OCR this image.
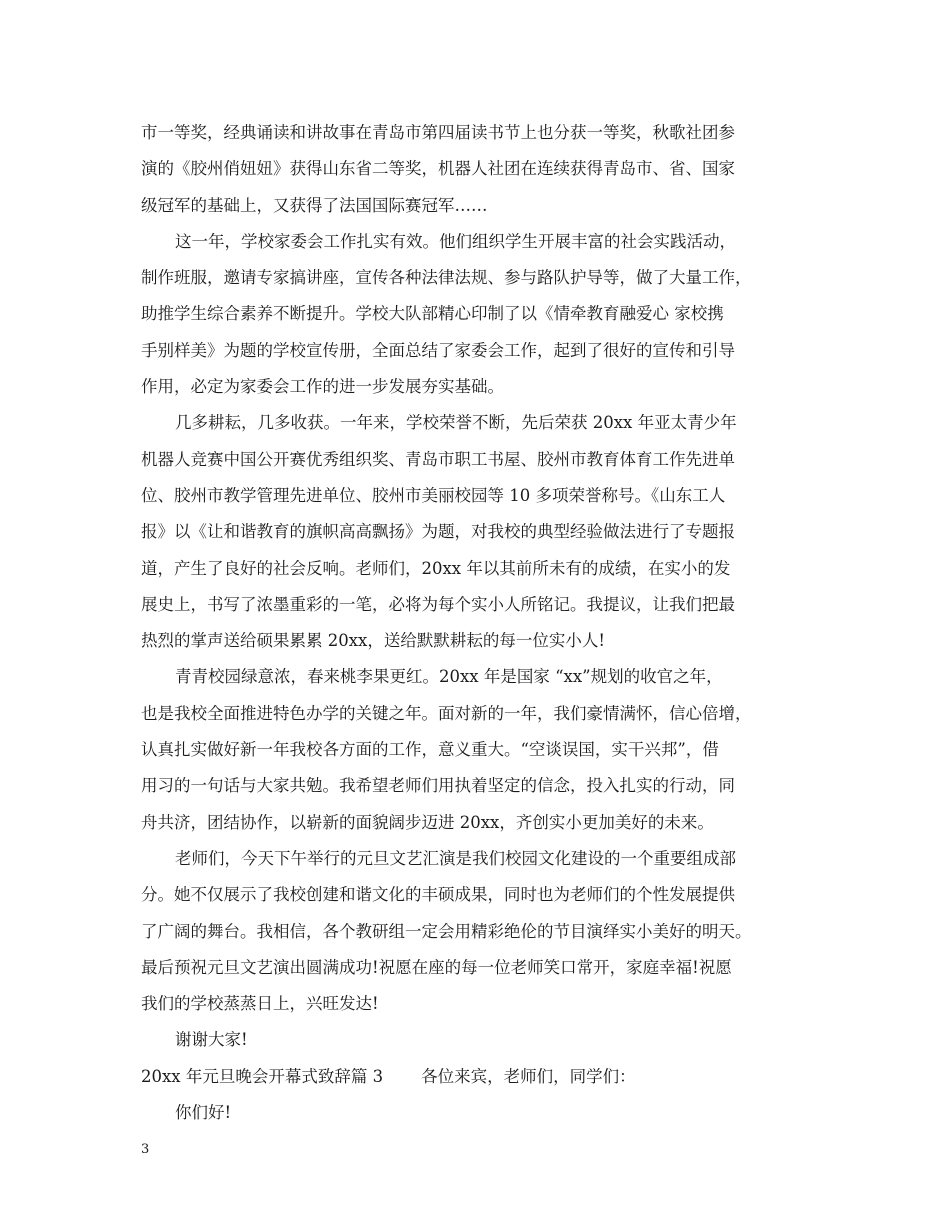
市一等奖，经典诵读和讲故事在青岛市第四届读书节上也分获一等奖，秋歌社团参
演的《胶州俏妞妞》获得山东省二等奖，机器人社团在连续获得青岛市、省、国家
级冠军的基础上，又获得了法国国际赛冠军……
这一年，学校家委会工作扎实有效。他们组织学生开展丰富的社会实践活动，
制作班服，邀请专家搞讲座，宣传各种法律法规、参与路队护导等，做了大量工作，
助推学生综合素养不断提升。学校大队部精心印制了以《情牵教育融爱心 家校携
手别样美》为题的学校宣传册，全面总结了家委会工作，起到了很好的宣传和引导
作用，必定为家委会工作的进一步发展夯实基础。
几多耕耘，几多收获。一年来，学校荣誉不断，先后荣获 20xx 年亚太青少年
机器人竞赛中国公开赛优秀组织奖、青岛市职工书屋、胶州市教育体育工作先进单
位、胶州市教学管理先进单位、胶州市美丽校园等 10 多项荣誉称号。《山东工人
报》以《让和谐教育的旗帜高高飘扬》为题，对我校的典型经验做法进行了专题报
道，产生了良好的社会反响。老师们，20xx 年以其前所未有的成绩，在实小的发
展史上，书写了浓墨重彩的一笔，必将为每个实小人所铭记。我提议，让我们把最
热烈的掌声送给硕果累累 20xx，送给默默耕耘的每一位实小人!
青青校园绿意浓，春来桃李果更红。20xx 年是国家 “xx”规划的收官之年，
也是我校全面推进特色办学的关键之年。面对新的一年，我们豪情满怀，信心倍增，
认真扎实做好新一年我校各方面的工作，意义重大。“空谈误国，实干兴邦”，借
用习的一句话与大家共勉。我希望老师们用执着坚定的信念，投入扎实的行动，同
舟共济，团结协作，以崭新的面貌阔步迈进 20xx，齐创实小更加美好的未来。
老师们，今天下午举行的元旦文艺汇演是我们校园文化建设的一个重要组成部
分。她不仅展示了我校创建和谐文化的丰硕成果，同时也为老师们的个性发展提供
了广阔的舞台。我相信，各个教研组一定会用精彩绝伦的节目演绎实小美好的明天。
最后预祝元旦文艺演出圆满成功!祝愿在座的每一位老师笑口常开，家庭幸福!祝愿
我们的学校蒸蒸日上，兴旺发达!
谢谢大家!
20xx 年元旦晚会开幕式致辞篇 3 各位来宾，老师们，同学们：
你们好!
3
